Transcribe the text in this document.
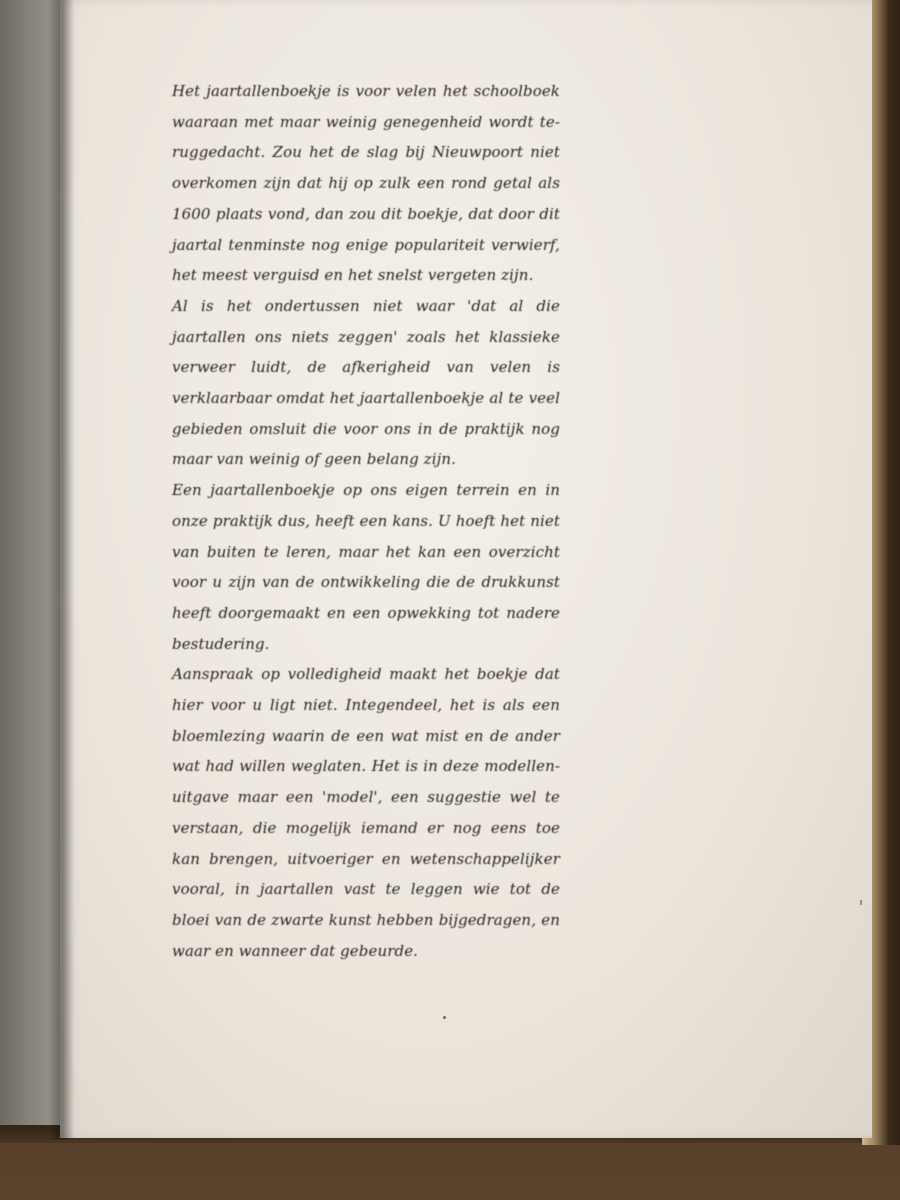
Het jaartallenboekje is voor velen het schoolboek waaraan met maar weinig genegenheid wordt teruggedacht. Zou het de slag bij Nieuwpoort niet overkomen zijn dat hij op zulk een rond getal als 1600 plaats vond, dan zou dit boekje, dat door dit jaartal tenminste nog enige populariteit verwierf, het meest verguisd en het snelst vergeten zijn.

Al is het ondertussen niet waar 'dat al die jaartallen ons niets zeggen' zoals het klassieke verweer luidt, de afkerigheid van velen is verklaarbaar omdat het jaartallenboekje al te veel gebieden omsluit die voor ons in de praktijk nog maar van weinig of geen belang zijn.

Een jaartallenboekje op ons eigen terrein en in onze praktijk dus, heeft een kans. U hoeft het niet van buiten te leren, maar het kan een overzicht voor u zijn van de ontwikkeling die de drukkunst heeft doorgemaakt en een opwekking tot nadere bestudering.

Aanspraak op volledigheid maakt het boekje dat hier voor u ligt niet. Integendeel, het is als een bloemlezing waarin de een wat mist en de ander wat had willen weglaten. Het is in deze modellenuitgave maar een 'model', een suggestie wel te verstaan, die mogelijk iemand er nog eens toe kan brengen, uitvoeriger en wetenschappelijker vooral, in jaartallen vast te leggen wie tot de bloei van de zwarte kunst hebben bijgedragen, en waar en wanneer dat gebeurde.
